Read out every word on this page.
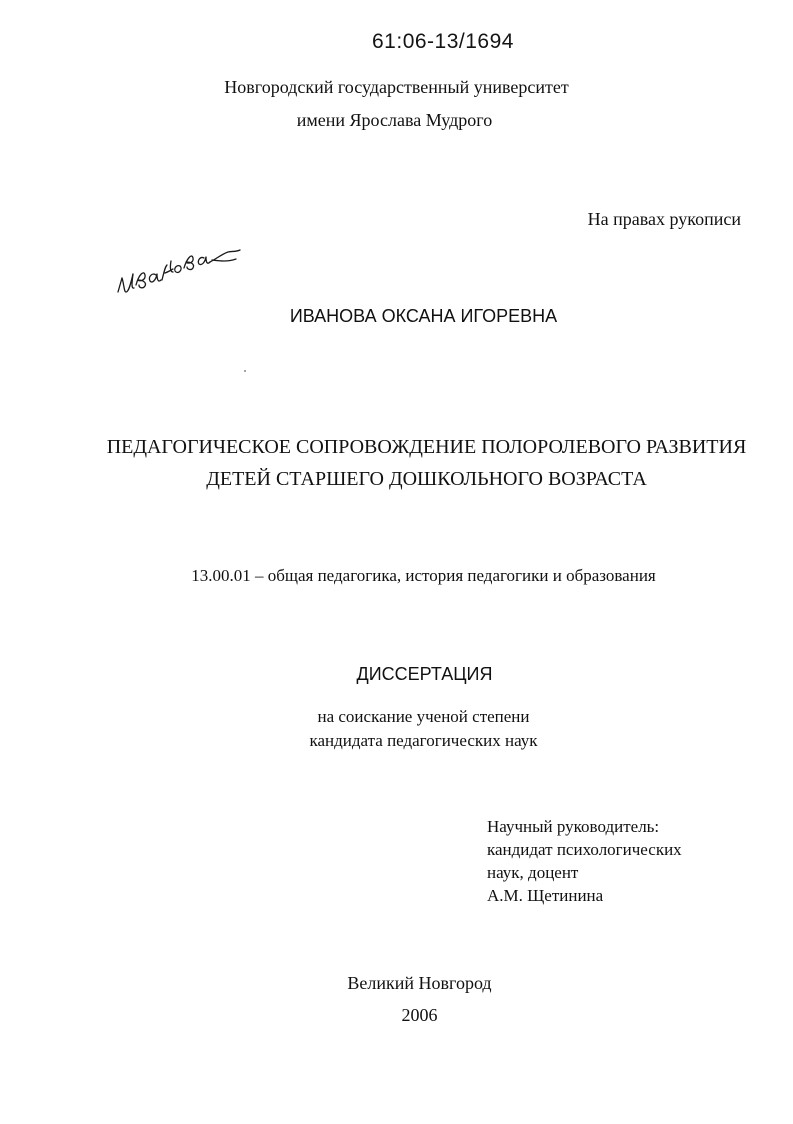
61:06-13/1694
Новгородский государственный университет
имени Ярослава Мудрого
На правах рукописи
ИВАНОВА ОКСАНА ИГОРЕВНА
ПЕДАГОГИЧЕСКОЕ СОПРОВОЖДЕНИЕ ПОЛОРОЛЕВОГО РАЗВИТИЯ
ДЕТЕЙ СТАРШЕГО ДОШКОЛЬНОГО ВОЗРАСТА
13.00.01 – общая педагогика, история педагогики и образования
ДИССЕРТАЦИЯ
на соискание ученой степени
кандидата педагогических наук
Научный руководитель:
кандидат психологических
наук, доцент
А.М. Щетинина
Великий Новгород
2006
